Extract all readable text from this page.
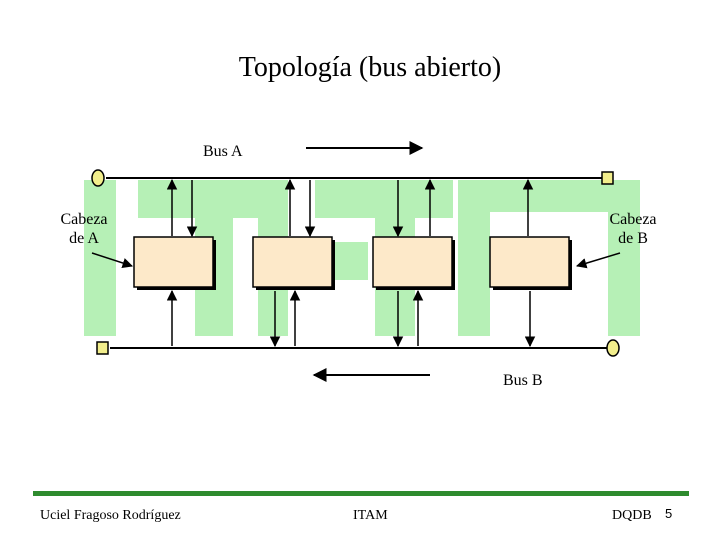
Topología (bus abierto)
Bus A
Bus B
Cabeza
de A
Cabeza
de B
Uciel Fragoso Rodríguez	ITAM	DQDB 5
